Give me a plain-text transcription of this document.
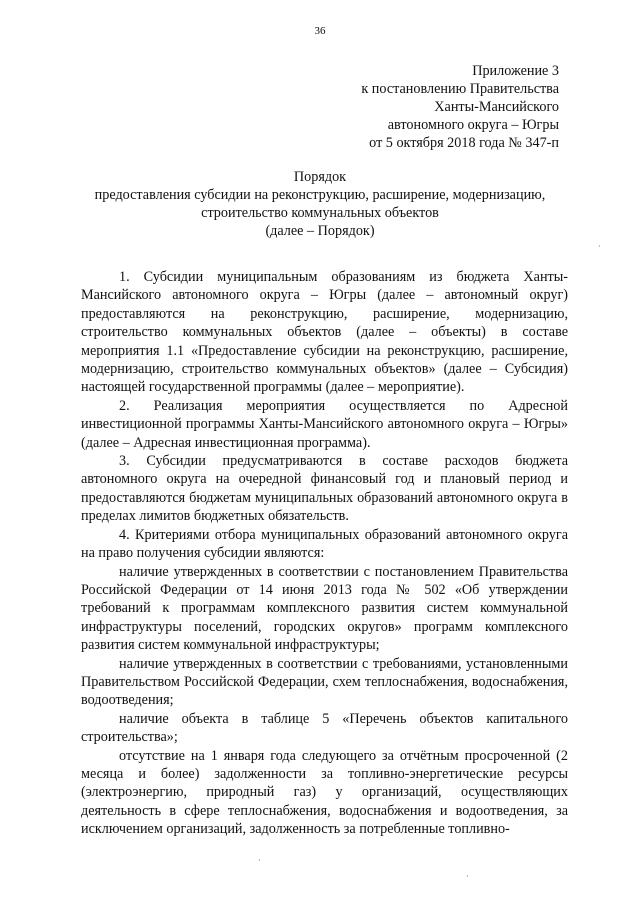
36
Приложение 3
к постановлению Правительства
Ханты-Мансийского
автономного округа – Югры
от 5 октября 2018 года № 347-п
Порядок
предоставления субсидии на реконструкцию, расширение, модернизацию,
строительство коммунальных объектов
(далее – Порядок)

1. Субсидии муниципальным образованиям из бюджета Ханты-Мансийского автономного округа – Югры (далее – автономный округ) предоставляются на реконструкцию, расширение, модернизацию, строительство коммунальных объектов (далее – объекты) в составе мероприятия 1.1 «Предоставление субсидии на реконструкцию, расширение, модернизацию, строительство коммунальных объектов» (далее – Субсидия) настоящей государственной программы (далее – мероприятие).

2. Реализация мероприятия осуществляется по Адресной инвестиционной программы Ханты-Мансийского автономного округа – Югры» (далее – Адресная инвестиционная программа).

3. Субсидии предусматриваются в составе расходов бюджета автономного округа на очередной финансовый год и плановый период и предоставляются бюджетам муниципальных образований автономного округа в пределах лимитов бюджетных обязательств.

4. Критериями отбора муниципальных образований автономного округа на право получения субсидии являются:

наличие утвержденных в соответствии с постановлением Правительства Российской Федерации от 14 июня 2013 года № 502 «Об утверждении требований к программам комплексного развития систем коммунальной инфраструктуры поселений, городских округов» программ комплексного развития систем коммунальной инфраструктуры;

наличие утвержденных в соответствии с требованиями, установленными Правительством Российской Федерации, схем теплоснабжения, водоснабжения, водоотведения;

наличие объекта в таблице 5 «Перечень объектов капитального строительства»;

отсутствие на 1 января года следующего за отчётным просроченной (2 месяца и более) задолженности за топливно-энергетические ресурсы (электроэнергию, природный газ) у организаций, осуществляющих деятельность в сфере теплоснабжения, водоснабжения и водоотведения, за исключением организаций, задолженность за потребленные топливно-

·
·
·
